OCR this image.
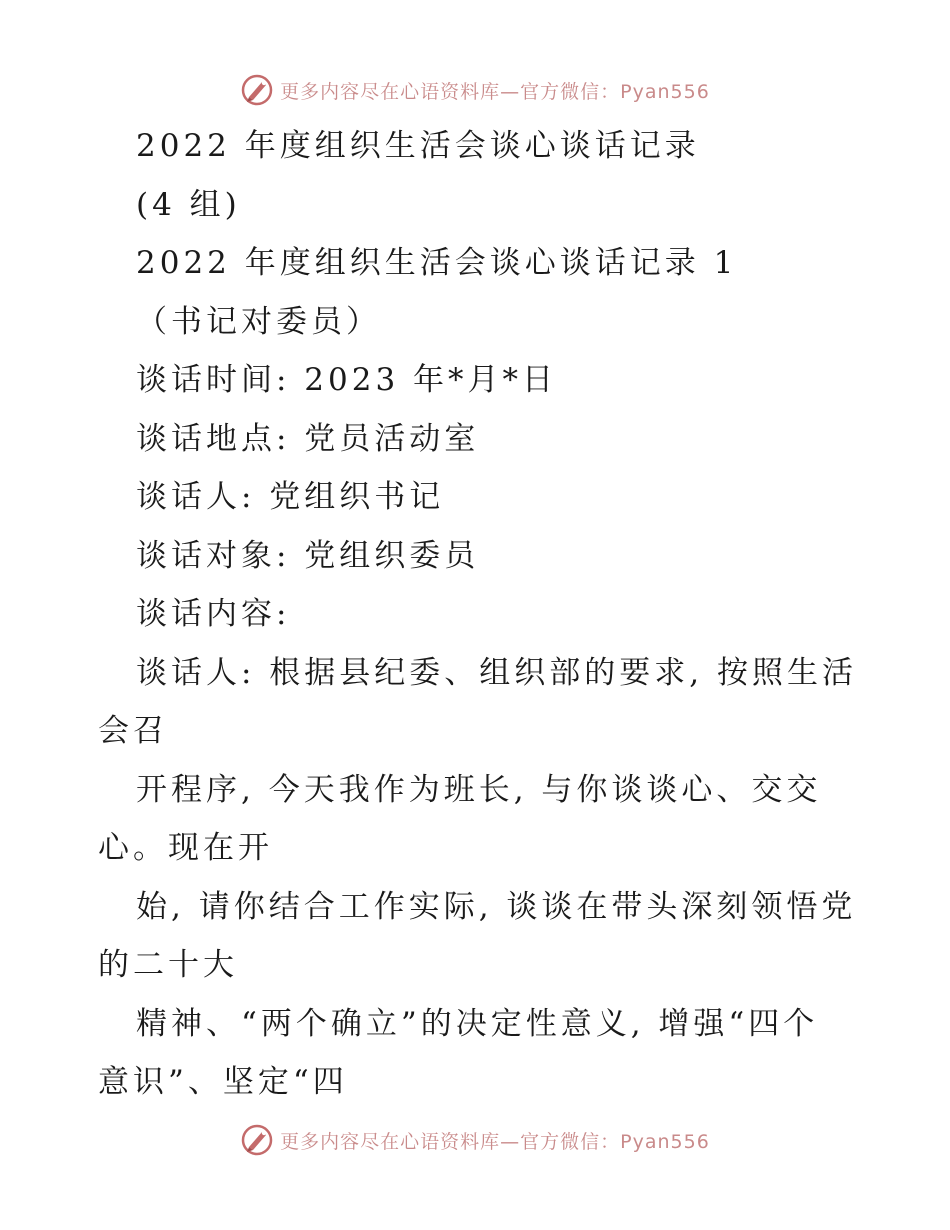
更多内容尽在心语资料库—官方微信：Pyan556
2022 年度组织生活会谈心谈话记录
(4 组)
2022 年度组织生活会谈心谈话记录 1
（书记对委员）
谈话时间: 2023 年*月*日
谈话地点: 党员活动室
谈话人: 党组织书记
谈话对象: 党组织委员
谈话内容:
谈话人: 根据县纪委、组织部的要求, 按照生活
会召
开程序, 今天我作为班长, 与你谈谈心、交交
心。现在开
始, 请你结合工作实际, 谈谈在带头深刻领悟党
的二十大
精神、“两个确立”的决定性意义, 增强“四个
意识”、坚定“四
更多内容尽在心语资料库—官方微信：Pyan556
